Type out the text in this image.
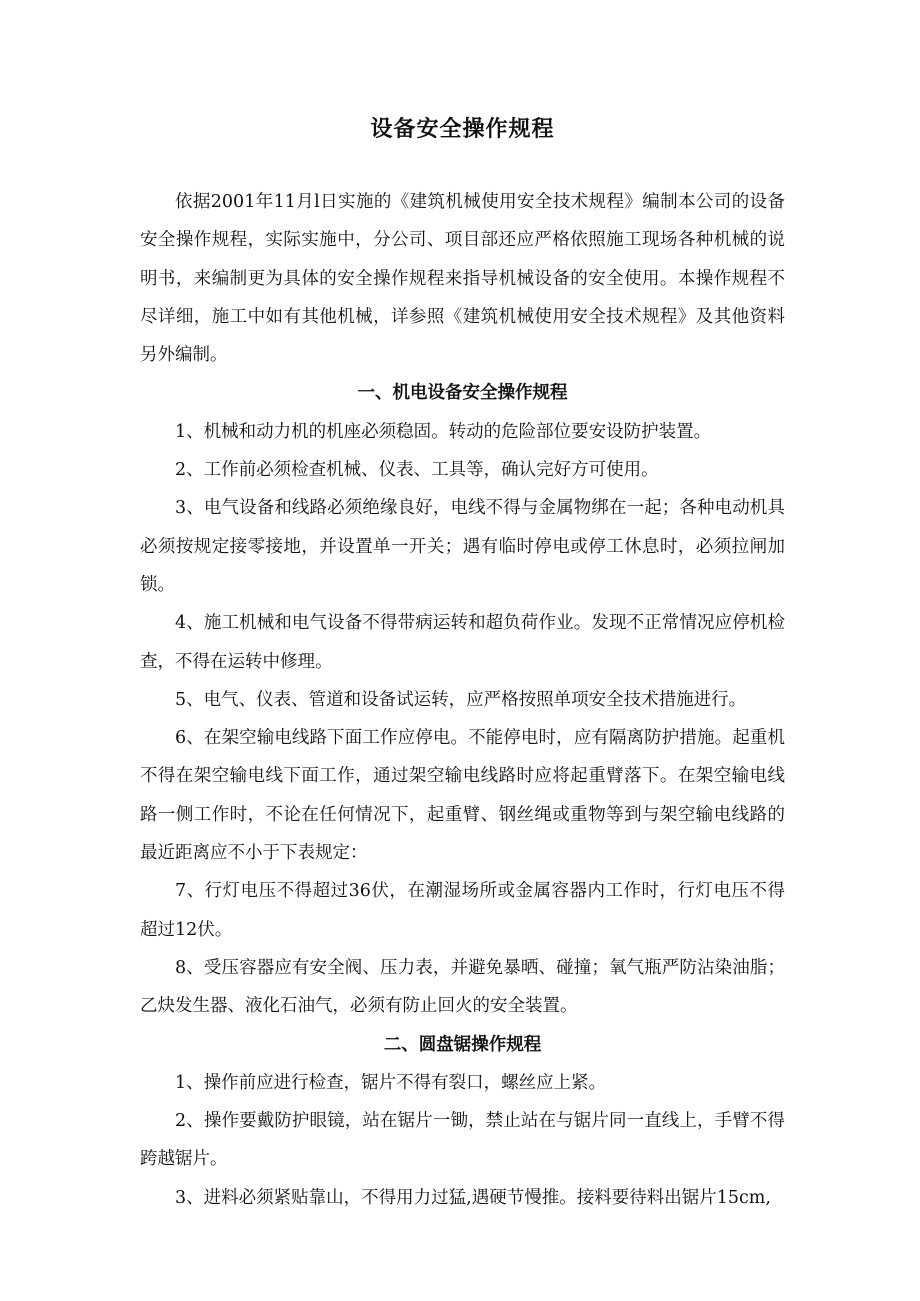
设备安全操作规程

依据2001年11月l日实施的《建筑机械使用安全技术规程》编制本公司的设备安全操作规程，实际实施中，分公司、项目部还应严格依照施工现场各种机械的说明书，来编制更为具体的安全操作规程来指导机械设备的安全使用。本操作规程不尽详细，施工中如有其他机械，详参照《建筑机械使用安全技术规程》及其他资料另外编制。

一、机电设备安全操作规程

1、机械和动力机的机座必须稳固。转动的危险部位要安设防护装置。

2、工作前必须检查机械、仪表、工具等，确认完好方可使用。

3、电气设备和线路必须绝缘良好，电线不得与金属物绑在一起；各种电动机具必须按规定接零接地，并设置单一开关；遇有临时停电或停工休息时，必须拉闸加锁。

4、施工机械和电气设备不得带病运转和超负荷作业。发现不正常情况应停机检查，不得在运转中修理。

5、电气、仪表、管道和设备试运转，应严格按照单项安全技术措施进行。

6、在架空输电线路下面工作应停电。不能停电时，应有隔离防护措施。起重机不得在架空输电线下面工作，通过架空输电线路时应将起重臂落下。在架空输电线路一侧工作时，不论在任何情况下，起重臂、钢丝绳或重物等到与架空输电线路的最近距离应不小于下表规定：

7、行灯电压不得超过36伏，在潮湿场所或金属容器内工作时，行灯电压不得超过12伏。

8、受压容器应有安全阀、压力表，并避免暴晒、碰撞；氧气瓶严防沾染油脂；乙炔发生器、液化石油气，必须有防止回火的安全装置。

二、圆盘锯操作规程

1、操作前应进行检查，锯片不得有裂口，螺丝应上紧。

2、操作要戴防护眼镜，站在锯片一锄，禁止站在与锯片同一直线上，手臂不得跨越锯片。

3、进料必须紧贴靠山，不得用力过猛,遇硬节慢推。接料要待料出锯片15cm,
